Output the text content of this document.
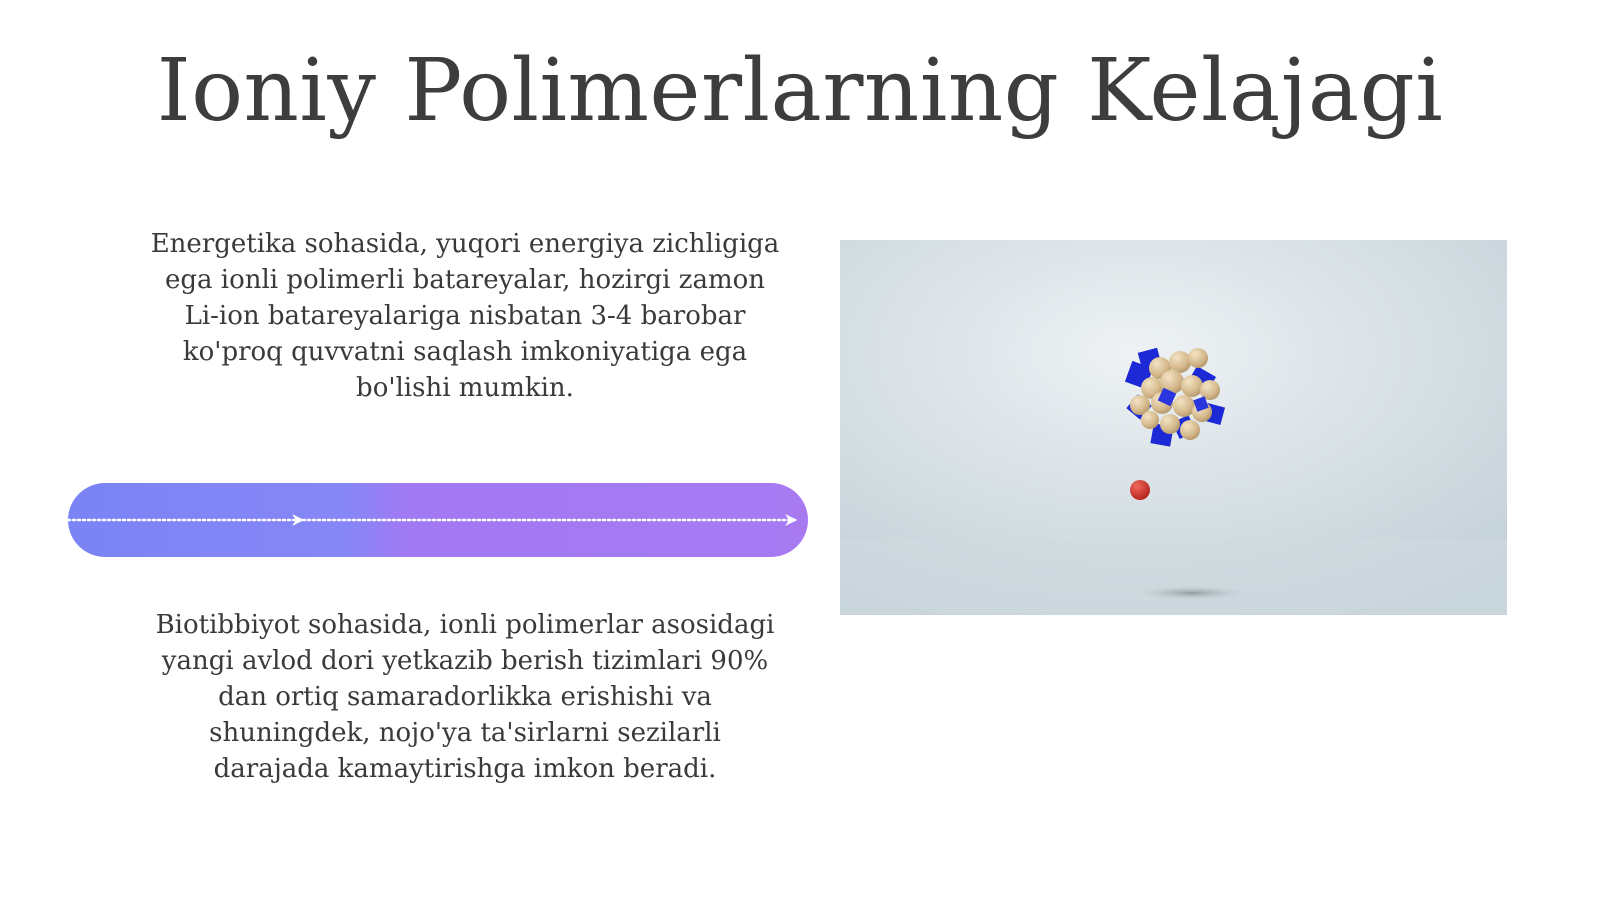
Ioniy Polimerlarning Kelajagi

Energetika sohasida, yuqori energiya zichligiga ega ionli polimerli batareyalar, hozirgi zamon Li-ion batareyalariga nisbatan 3-4 barobar ko'proq quvvatni saqlash imkoniyatiga ega bo'lishi mumkin.

Biotibbiyot sohasida, ionli polimerlar asosidagi yangi avlod dori yetkazib berish tizimlari 90% dan ortiq samaradorlikka erishishi va shuningdek, nojo'ya ta'sirlarni sezilarli darajada kamaytirishga imkon beradi.
